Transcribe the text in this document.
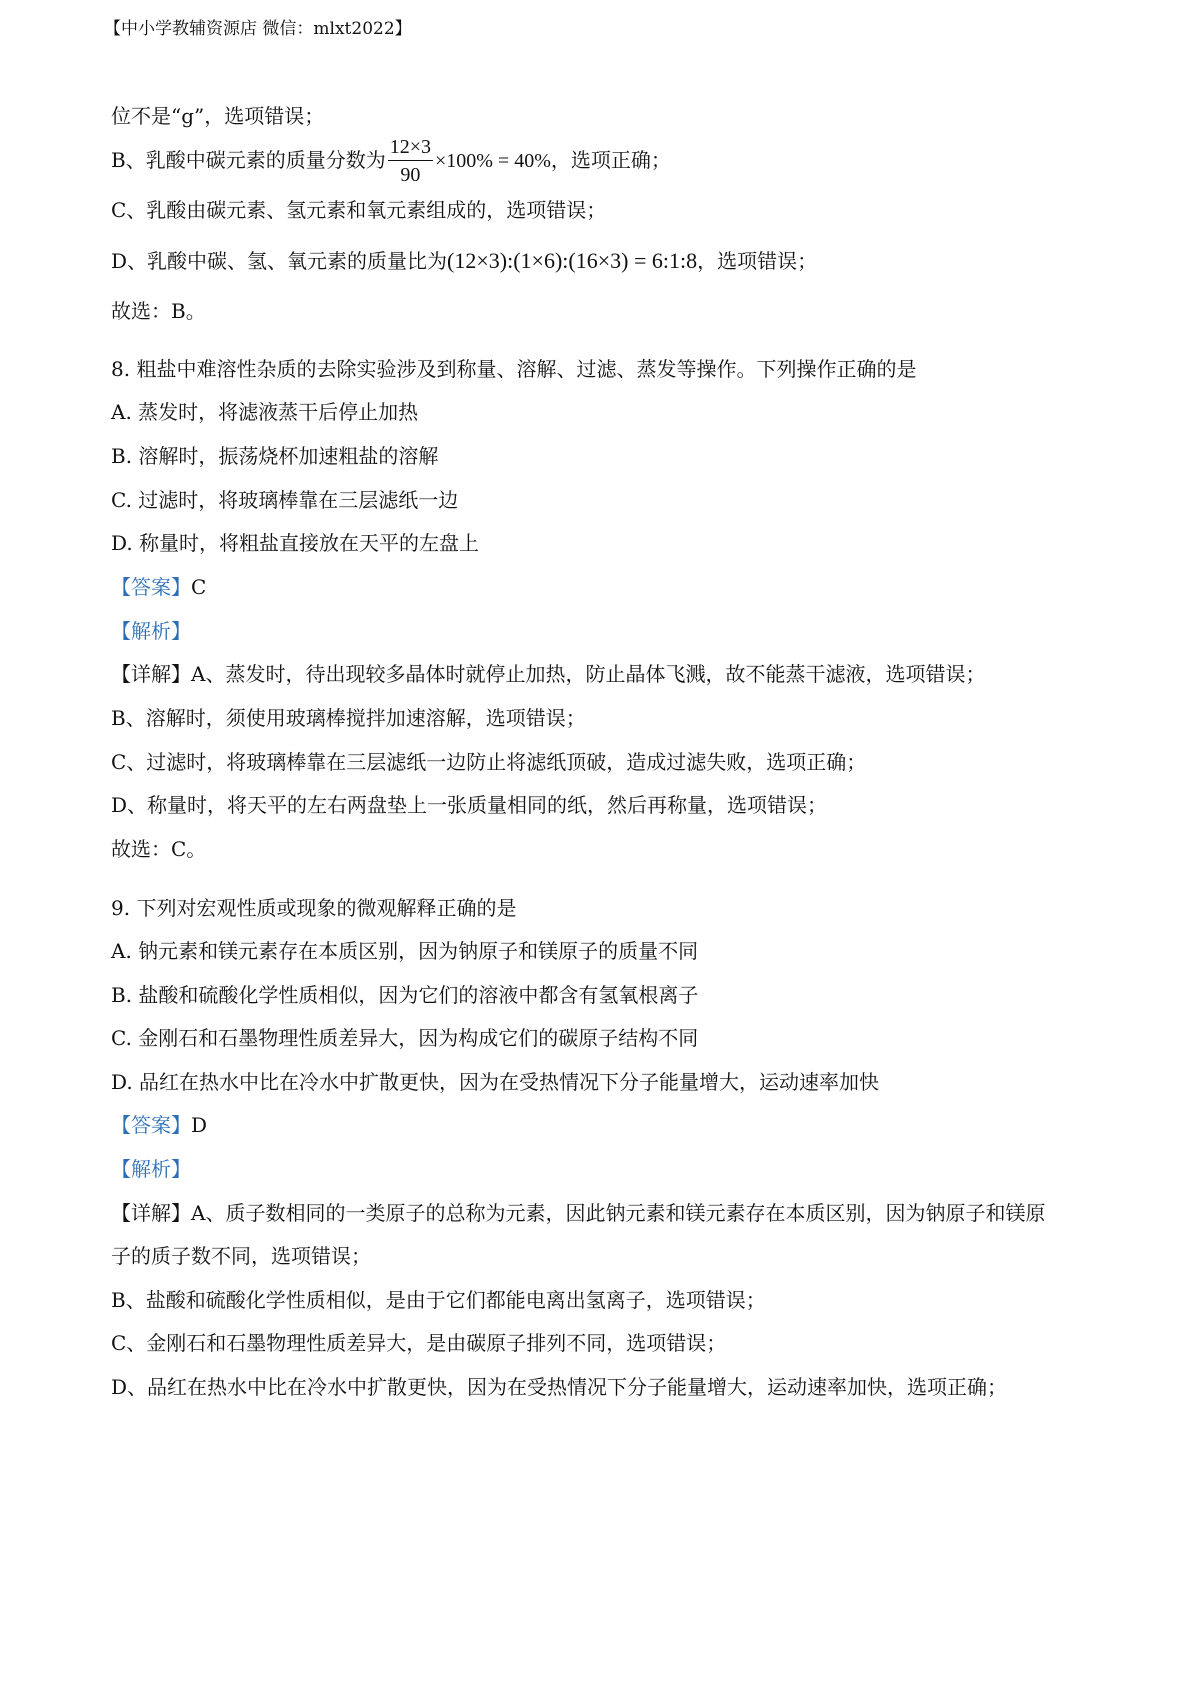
【中小学教辅资源店 微信：mlxt2022】
位不是“g”，选项错误；
B、乳酸中碳元素的质量分数为 $\frac{12\times 3}{90} \times 100\% = 40\%$，选项正确；
C、乳酸由碳元素、氢元素和氧元素组成的，选项错误；
D、乳酸中碳、氢、氧元素的质量比为(12×3):(1×6):(16×3) = 6:1:8，选项错误；
故选：B。
8. 粗盐中难溶性杂质的去除实验涉及到称量、溶解、过滤、蒸发等操作。下列操作正确的是
A. 蒸发时，将滤液蒸干后停止加热
B. 溶解时，振荡烧杯加速粗盐的溶解
C. 过滤时，将玻璃棒靠在三层滤纸一边
D. 称量时，将粗盐直接放在天平的左盘上
【答案】C
【解析】
【详解】A、蒸发时，待出现较多晶体时就停止加热，防止晶体飞溅，故不能蒸干滤液，选项错误；
B、溶解时，须使用玻璃棒搅拌加速溶解，选项错误；
C、过滤时，将玻璃棒靠在三层滤纸一边防止将滤纸顶破，造成过滤失败，选项正确；
D、称量时，将天平的左右两盘垫上一张质量相同的纸，然后再称量，选项错误；
故选：C。
9. 下列对宏观性质或现象的微观解释正确的是
A. 钠元素和镁元素存在本质区别，因为钠原子和镁原子的质量不同
B. 盐酸和硫酸化学性质相似，因为它们的溶液中都含有氢氧根离子
C. 金刚石和石墨物理性质差异大，因为构成它们的碳原子结构不同
D. 品红在热水中比在冷水中扩散更快，因为在受热情况下分子能量增大，运动速率加快
【答案】D
【解析】
【详解】A、质子数相同的一类原子的总称为元素，因此钠元素和镁元素存在本质区别，因为钠原子和镁原
子的质子数不同，选项错误；
B、盐酸和硫酸化学性质相似，是由于它们都能电离出氢离子，选项错误；
C、金刚石和石墨物理性质差异大，是由碳原子排列不同，选项错误；
D、品红在热水中比在冷水中扩散更快，因为在受热情况下分子能量增大，运动速率加快，选项正确；
